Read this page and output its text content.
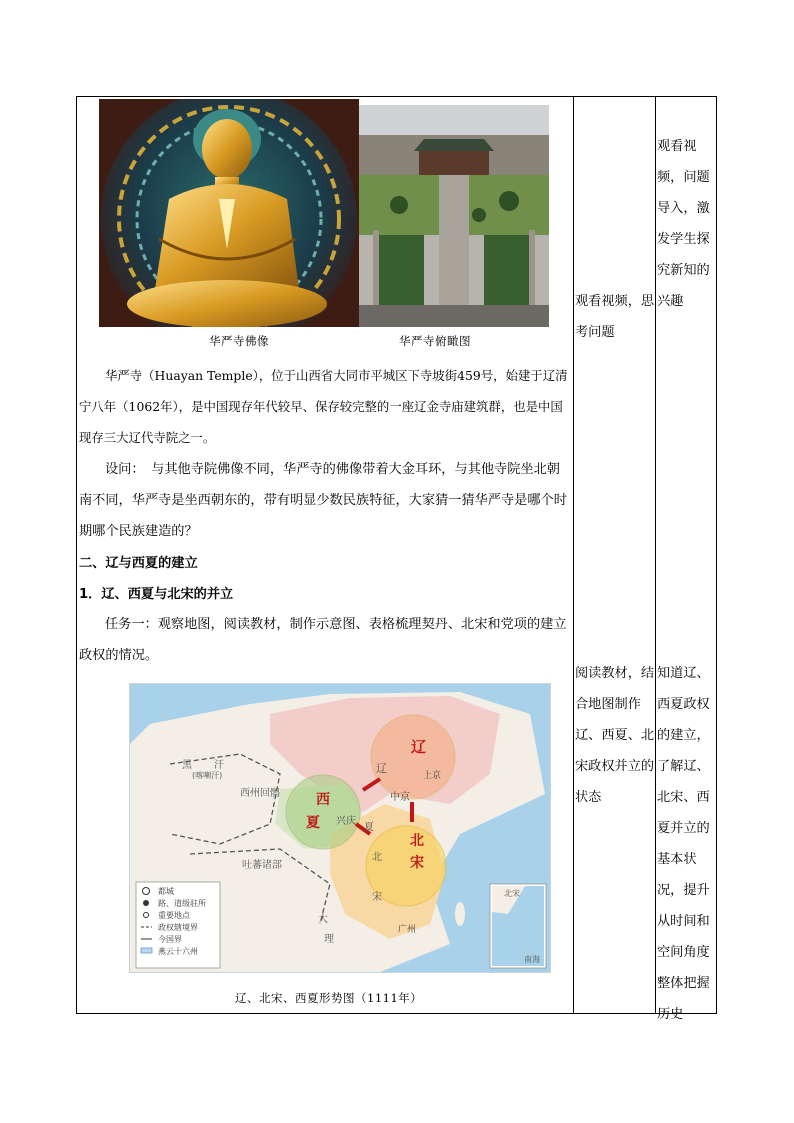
华严寺佛像	华严寺俯瞰图

华严寺（Huayan Temple），位于山西省大同市平城区下寺坡街459号，始建于辽清宁八年（1062年），是中国现存年代较早、保存较完整的一座辽金寺庙建筑群，也是中国现存三大辽代寺院之一。

设问：　与其他寺院佛像不同，华严寺的佛像带着大金耳环，与其他寺院坐北朝南不同，华严寺是坐西朝东的，带有明显少数民族特征，大家猜一猜华严寺是哪个时期哪个民族建造的？

二、辽与西夏的建立
1．辽、西夏与北宋的并立

任务一：观察地图，阅读教材，制作示意图、表格梳理契丹、北宋和党项的建立政权的情况。

辽
辽
上京
中京
西
夏 兴庆
夏
北
宋
北
宋
广州
大
理
西州回鹘
吐蕃诸部
黑 汗
(喀喇汗)
南海
北宋
都城
路、道级驻所
重要地点
政权辖境界
今国界
燕云十六州
辽、北宋、西夏形势图（1111年）
观看视频，思考问题
阅读教材，结合地图制作辽、西夏、北宋政权并立的状态
观看视频，问题导入，激发学生探究新知的兴趣
知道辽、西夏政权的建立，了解辽、北宋、西夏并立的基本状况，提升从时间和空间角度整体把握历史
